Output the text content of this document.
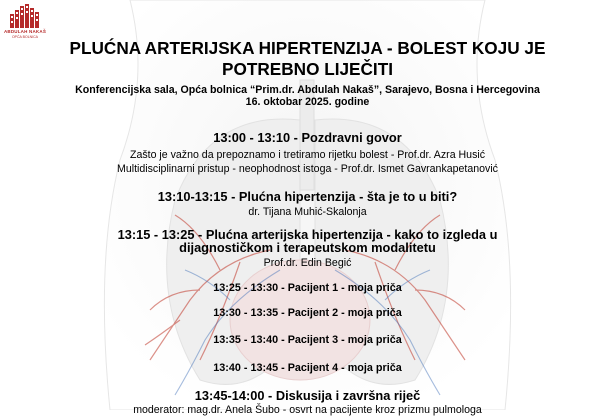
ABDULAH NAKAŠ
OPĆA BOLNICA
PLUĆNA ARTERIJSKA HIPERTENZIJA - BOLEST KOJU JE
POTREBNO LIJEČITI
Konferencijska sala, Opća bolnica “Prim.dr. Abdulah Nakaš”, Sarajevo, Bosna i Hercegovina
16. oktobar 2025. godine
13:00 - 13:10 - Pozdravni govor
Zašto je važno da prepoznamo i tretiramo rijetku bolest - Prof.dr. Azra Husić
Multidisciplinarni pristup - neophodnost istoga - Prof.dr. Ismet Gavrankapetanović
13:10-13:15 - Plućna hipertenzija - šta je to u biti?
dr. Tijana Muhić-Skalonja
13:15 - 13:25 - Plućna arterijska hipertenzija - kako to izgleda u
dijagnostičkom i terapeutskom modalitetu
Prof.dr. Edin Begić
13:25 - 13:30 - Pacijent 1 - moja priča
13:30 - 13:35 - Pacijent 2 - moja priča
13:35 - 13:40 - Pacijent 3 - moja priča
13:40 - 13:45 - Pacijent 4 - moja priča
13:45-14:00 - Diskusija i završna riječ
moderator: mag.dr. Anela Šubo - osvrt na pacijente kroz prizmu pulmologa
